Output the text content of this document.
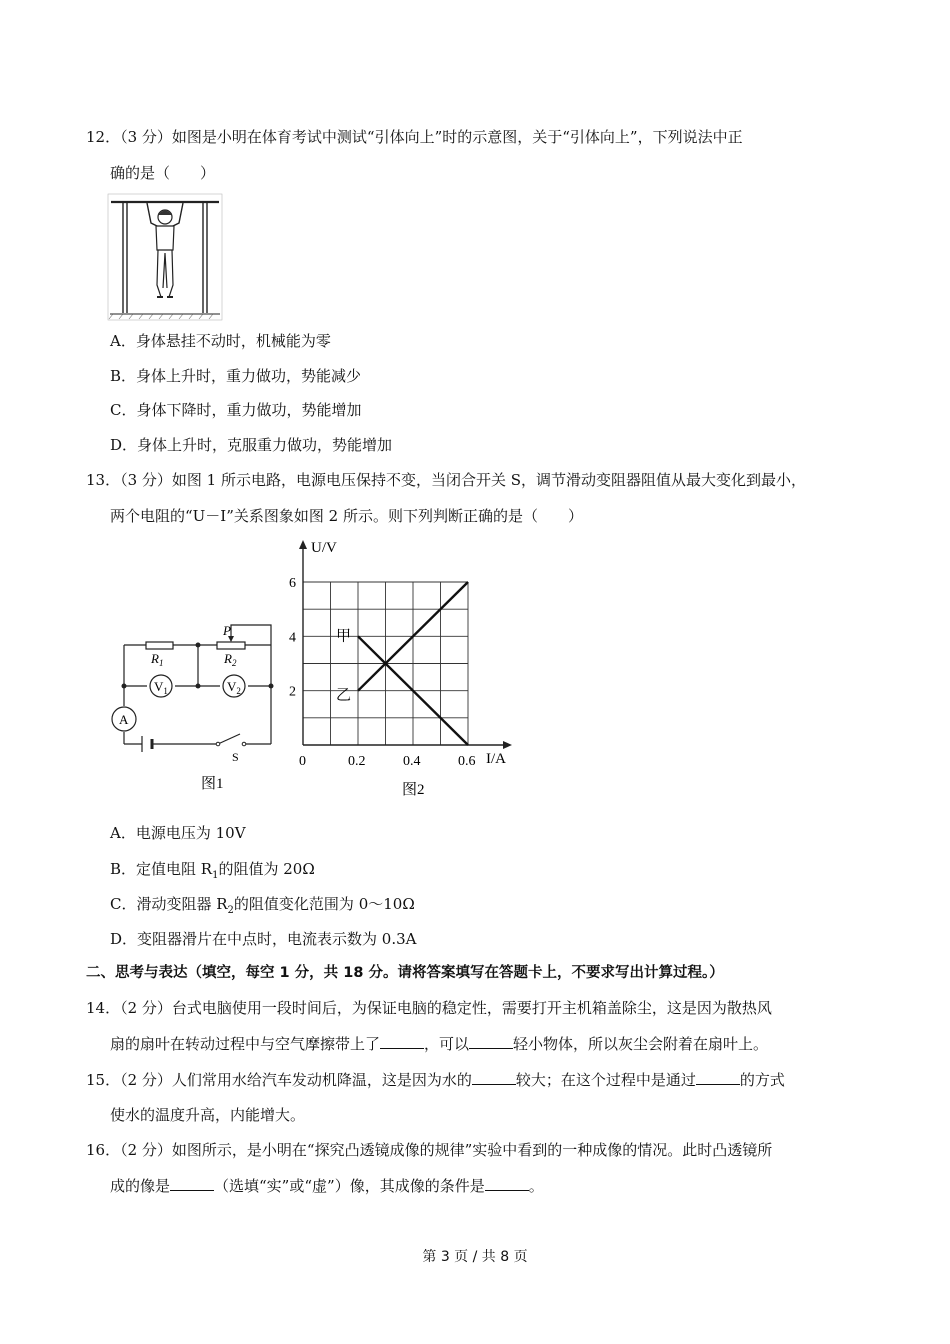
12．（3 分）如图是小明在体育考试中测试“引体向上”时的示意图，关于“引体向上”，下列说法中正
确的是（　　）
A．身体悬挂不动时，机械能为零
B．身体上升时，重力做功，势能减少
C．身体下降时，重力做功，势能增加
D．身体上升时，克服重力做功，势能增加
13．（3 分）如图 1 所示电路，电源电压保持不变，当闭合开关 S，调节滑动变阻器阻值从最大变化到最小，
两个电阻的“U－I”关系图象如图 2 所示。则下列判断正确的是（　　）
$R_1$	$R_2$
P
$V_1$	$V_2$
A
S
图1
0	0.2	0.4	0.6
2
4
6
甲
乙
U/V
I/A
图2
A．电源电压为 10V
B．定值电阻 $R_1$的阻值为 20Ω
C．滑动变阻器 $R_2$的阻值变化范围为 0～10Ω
D．变阻器滑片在中点时，电流表示数为 0.3A
二、思考与表达（填空，每空 1 分，共 18 分。请将答案填写在答题卡上，不要求写出计算过程。）
14．（2 分）台式电脑使用一段时间后，为保证电脑的稳定性，需要打开主机箱盖除尘，这是因为散热风
扇的扇叶在转动过程中与空气摩擦带上了	，可以	轻小物体，所以灰尘会附着在扇叶上。
15．（2 分）人们常用水给汽车发动机降温，这是因为水的	较大；在这个过程中是通过	的方式
使水的温度升高，内能增大。
16．（2 分）如图所示，是小明在“探究凸透镜成像的规律”实验中看到的一种成像的情况。此时凸透镜所
成的像是	（选填“实”或“虚”）像，其成像的条件是	。
第 3 页 / 共 8 页
